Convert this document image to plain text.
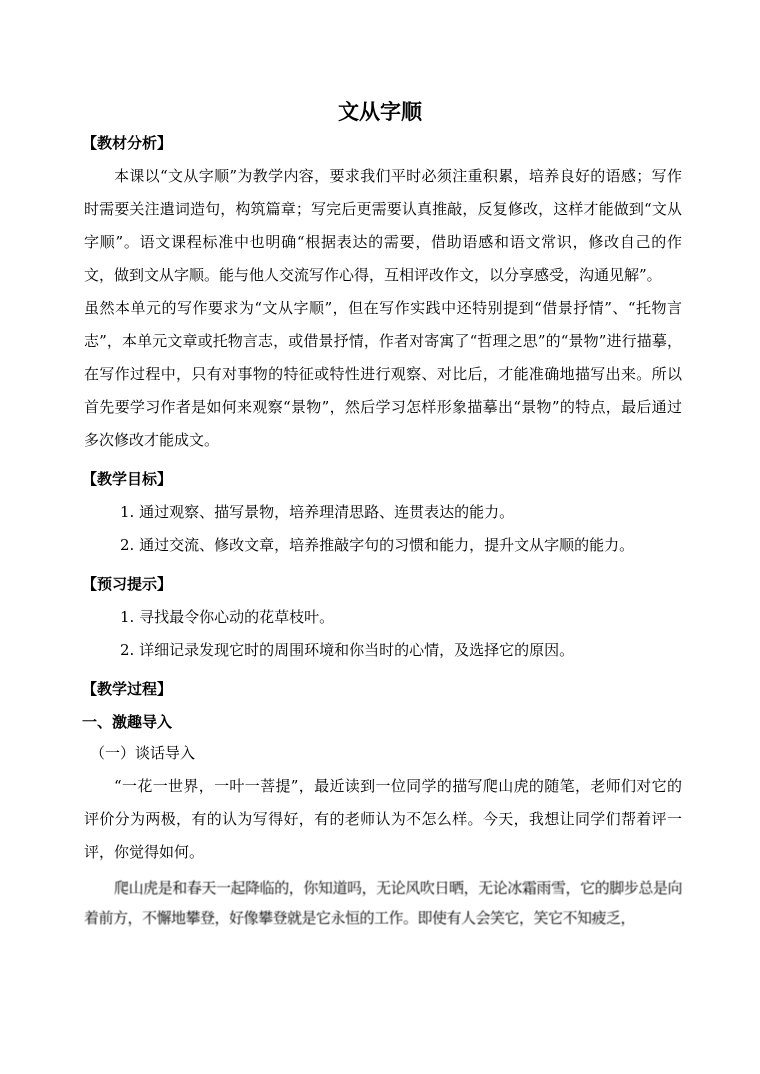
文从字顺
【教材分析】

本课以“文从字顺”为教学内容，要求我们平时必须注重积累，培养良好的语感；写作时需要关注遣词造句，构筑篇章；写完后更需要认真推敲，反复修改，这样才能做到“文从字顺”。语文课程标准中也明确“根据表达的需要，借助语感和语文常识，修改自己的作文，做到文从字顺。能与他人交流写作心得，互相评改作文，以分享感受，沟通见解”。

虽然本单元的写作要求为“文从字顺”，但在写作实践中还特别提到“借景抒情”、“托物言志”，本单元文章或托物言志，或借景抒情，作者对寄寓了“哲理之思”的“景物”进行描摹，在写作过程中，只有对事物的特征或特性进行观察、对比后，才能准确地描写出来。所以首先要学习作者是如何来观察“景物”，然后学习怎样形象描摹出“景物”的特点，最后通过多次修改才能成文。

【教学目标】

1. 通过观察、描写景物，培养理清思路、连贯表达的能力。

2. 通过交流、修改文章，培养推敲字句的习惯和能力，提升文从字顺的能力。

【预习提示】

1. 寻找最令你心动的花草枝叶。

2. 详细记录发现它时的周围环境和你当时的心情，及选择它的原因。

【教学过程】
一、激趣导入

（一）谈话导入

“一花一世界，一叶一菩提”，最近读到一位同学的描写爬山虎的随笔，老师们对它的评价分为两极，有的认为写得好，有的老师认为不怎么样。今天，我想让同学们帮着评一评，你觉得如何。

爬山虎是和春天一起降临的，你知道吗，无论风吹日晒，无论冰霜雨雪，它的脚步总是向着前方，不懈地攀登，好像攀登就是它永恒的工作。即使有人会笑它，笑它不知疲乏，
